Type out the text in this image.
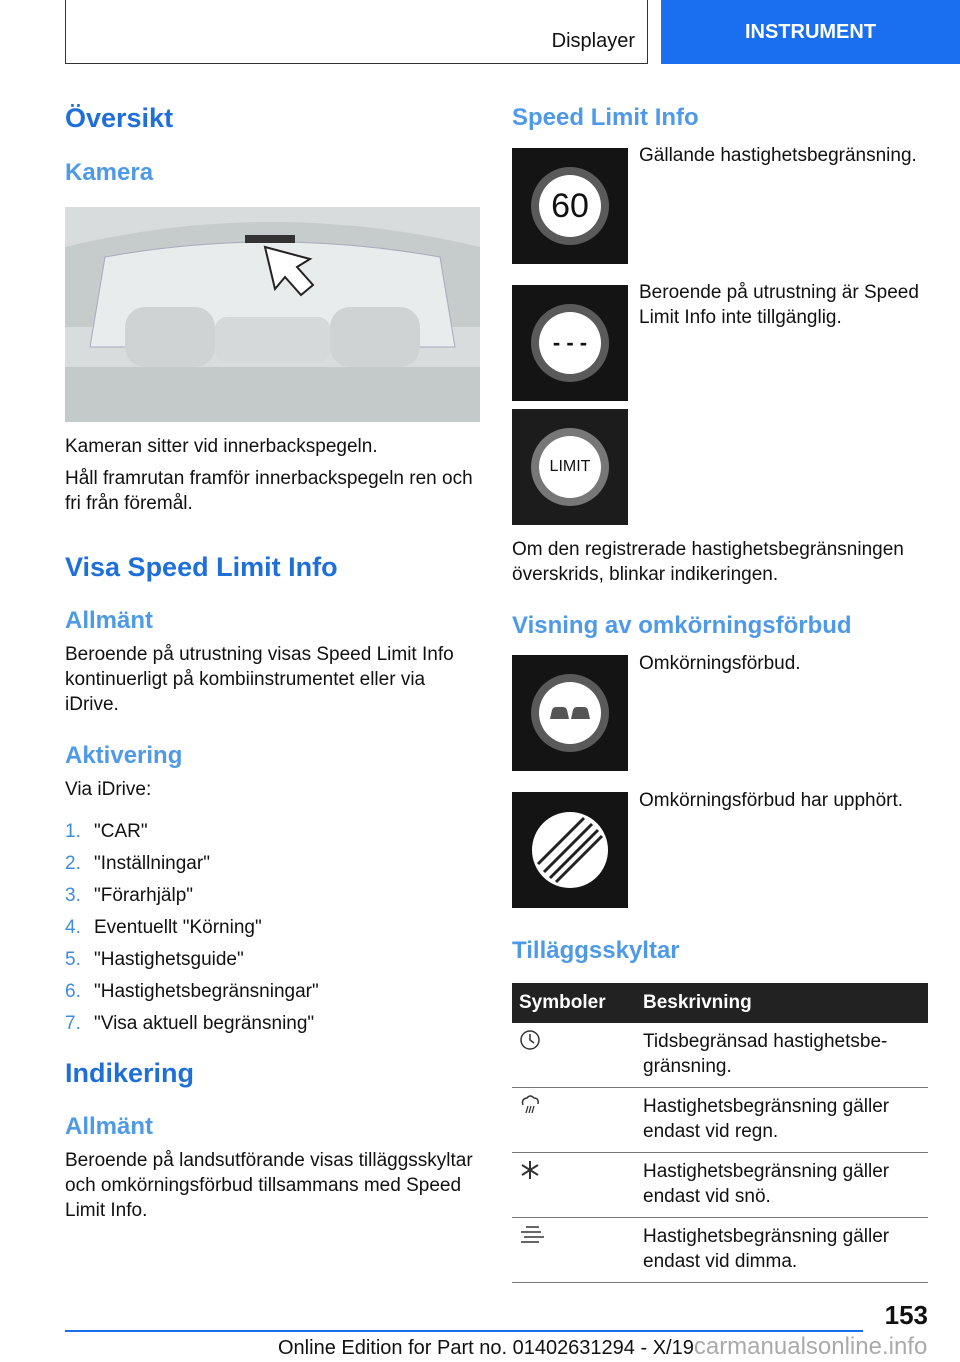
Displayer	INSTRUMENT
Översikt
Kamera
Kameran sitter vid innerbackspegeln.
Håll framrutan framför innerbackspegeln ren och fri från föremål.
Visa Speed Limit Info
Allmänt
Beroende på utrustning visas Speed Limit Info kontinuerligt på kombiinstrumentet eller via iDrive.
Aktivering
Via iDrive:
1. "CAR"
2. "Inställningar"
3. "Förarhjälp"
4. Eventuellt "Körning"
5. "Hastighetsguide"
6. "Hastighetsbegränsningar"
7. "Visa aktuell begränsning"
Indikering
Allmänt
Beroende på landsutförande visas tilläggsskyltar och omkörningsförbud tillsammans med Speed Limit Info.
Speed Limit Info
60
Gällande hastighetsbegränsning.
- - -
Beroende på utrustning är Speed Limit Info inte tillgänglig.
LIMIT
Om den registrerade hastighetsbegränsningen överskrids, blinkar indikeringen.
Visning av omkörningsförbud
Omkörningsförbud.
Omkörningsförbud har upphört.
Tilläggsskyltar
Symboler	Beskrivning
	Tidsbegränsad hastighetsbe-gränsning.
	Hastighetsbegränsning gäller endast vid regn.
	Hastighetsbegränsning gäller endast vid snö.
	Hastighetsbegränsning gäller endast vid dimma.
153
Online Edition for Part no. 01402631294 - X/19carmanualsonline.info
